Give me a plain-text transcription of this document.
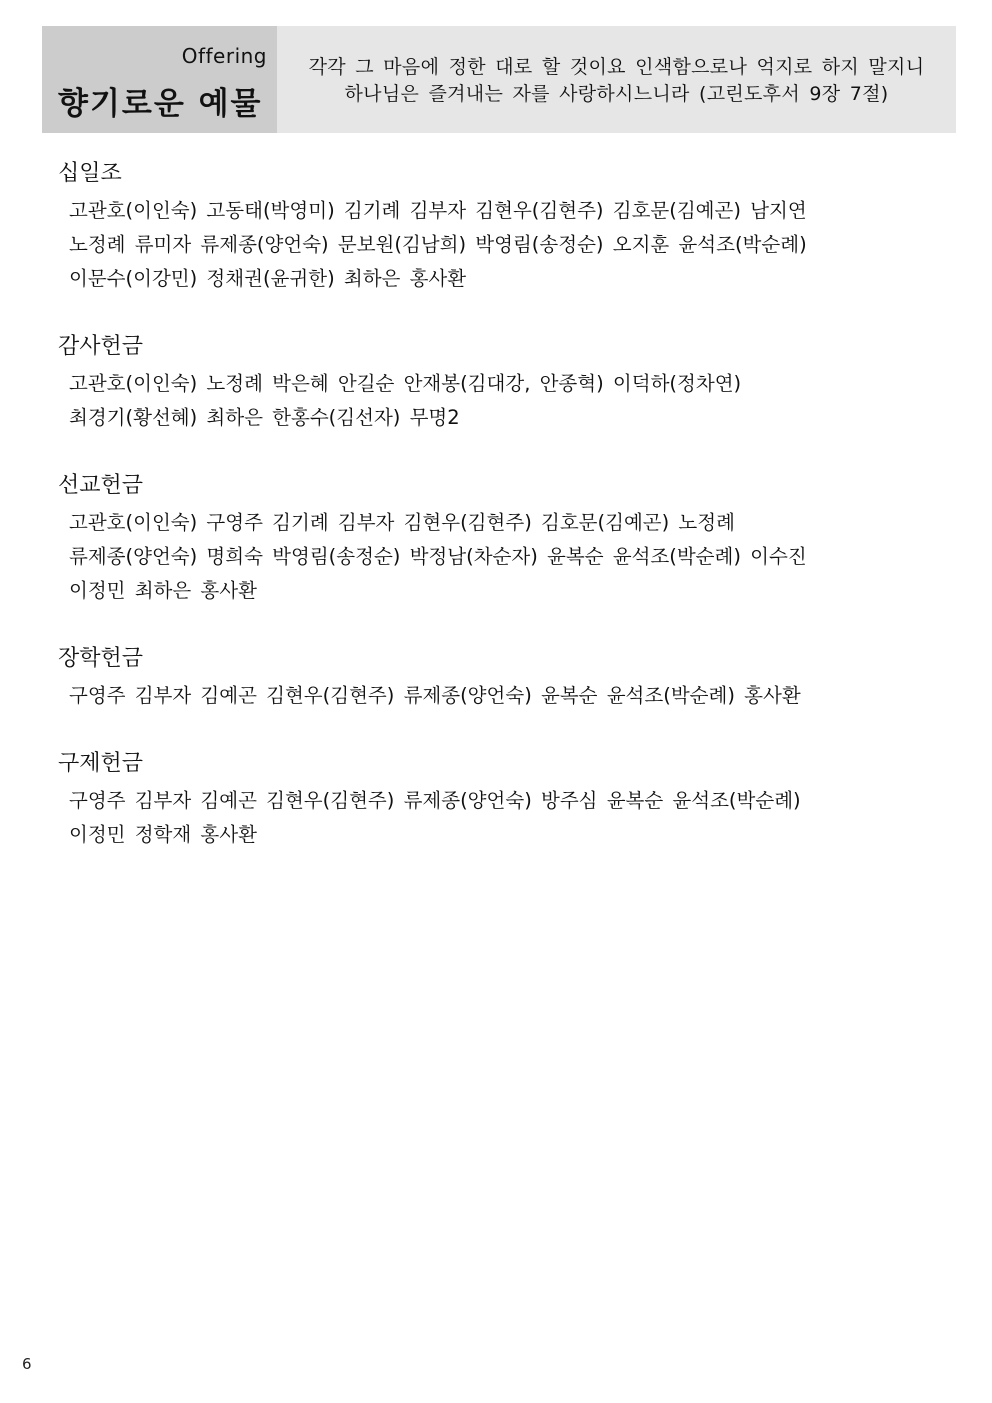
Offering
향기로운 예물
각각 그 마음에 정한 대로 할 것이요 인색함으로나 억지로 하지 말지니
하나님은 즐겨내는 자를 사랑하시느니라 (고린도후서 9장 7절)
십일조
고관호(이인숙) 고동태(박영미) 김기례 김부자 김현우(김현주) 김호문(김예곤) 남지연
노정례 류미자 류제종(양언숙) 문보원(김남희) 박영림(송정순) 오지훈 윤석조(박순례)
이문수(이강민) 정채권(윤귀한) 최하은 홍사환
감사헌금
고관호(이인숙) 노정례 박은혜 안길순 안재봉(김대강, 안종혁) 이덕하(정차연)
최경기(황선혜) 최하은 한홍수(김선자) 무명2
선교헌금
고관호(이인숙) 구영주 김기례 김부자 김현우(김현주) 김호문(김예곤) 노정례
류제종(양언숙) 명희숙 박영림(송정순) 박정남(차순자) 윤복순 윤석조(박순례) 이수진
이정민 최하은 홍사환
장학헌금
구영주 김부자 김예곤 김현우(김현주) 류제종(양언숙) 윤복순 윤석조(박순례) 홍사환
구제헌금
구영주 김부자 김예곤 김현우(김현주) 류제종(양언숙) 방주심 윤복순 윤석조(박순례)
이정민 정학재 홍사환
6
